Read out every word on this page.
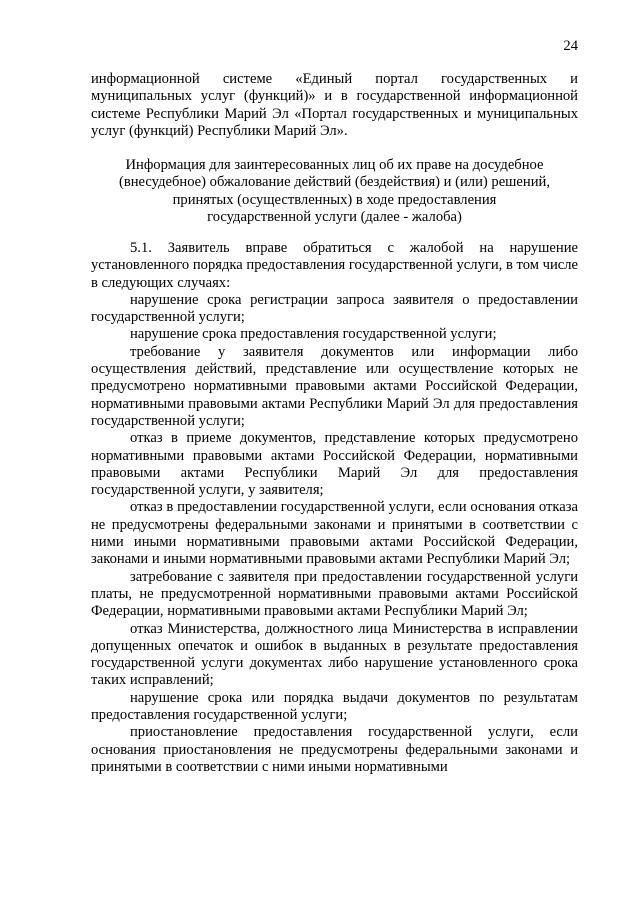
24

информационной системе «Единый портал государственных и муниципальных услуг (функций)» и в государственной информационной системе Республики Марий Эл «Портал государственных и муниципальных услуг (функций) Республики Марий Эл».

Информация для заинтересованных лиц об их праве на досудебное
(внесудебное) обжалование действий (бездействия) и (или) решений,
принятых (осуществленных) в ходе предоставления
государственной услуги (далее - жалоба)

5.1. Заявитель вправе обратиться с жалобой на нарушение установленного порядка предоставления государственной услуги, в том числе в следующих случаях:

нарушение срока регистрации запроса заявителя о предоставлении государственной услуги;

нарушение срока предоставления государственной услуги;

требование у заявителя документов или информации либо осуществления действий, представление или осуществление которых не предусмотрено нормативными правовыми актами Российской Федерации, нормативными правовыми актами Республики Марий Эл для предоставления государственной услуги;

отказ в приеме документов, представление которых предусмотрено нормативными правовыми актами Российской Федерации, нормативными правовыми актами Республики Марий Эл для предоставления государственной услуги, у заявителя;

отказ в предоставлении государственной услуги, если основания отказа не предусмотрены федеральными законами и принятыми в соответствии с ними иными нормативными правовыми актами Российской Федерации, законами и иными нормативными правовыми актами Республики Марий Эл;

затребование с заявителя при предоставлении государственной услуги платы, не предусмотренной нормативными правовыми актами Российской Федерации, нормативными правовыми актами Республики Марий Эл;

отказ Министерства, должностного лица Министерства в исправлении допущенных опечаток и ошибок в выданных в результате предоставления государственной услуги документах либо нарушение установленного срока таких исправлений;

нарушение срока или порядка выдачи документов по результатам предоставления государственной услуги;

приостановление предоставления государственной услуги, если основания приостановления не предусмотрены федеральными законами и принятыми в соответствии с ними иными нормативными
